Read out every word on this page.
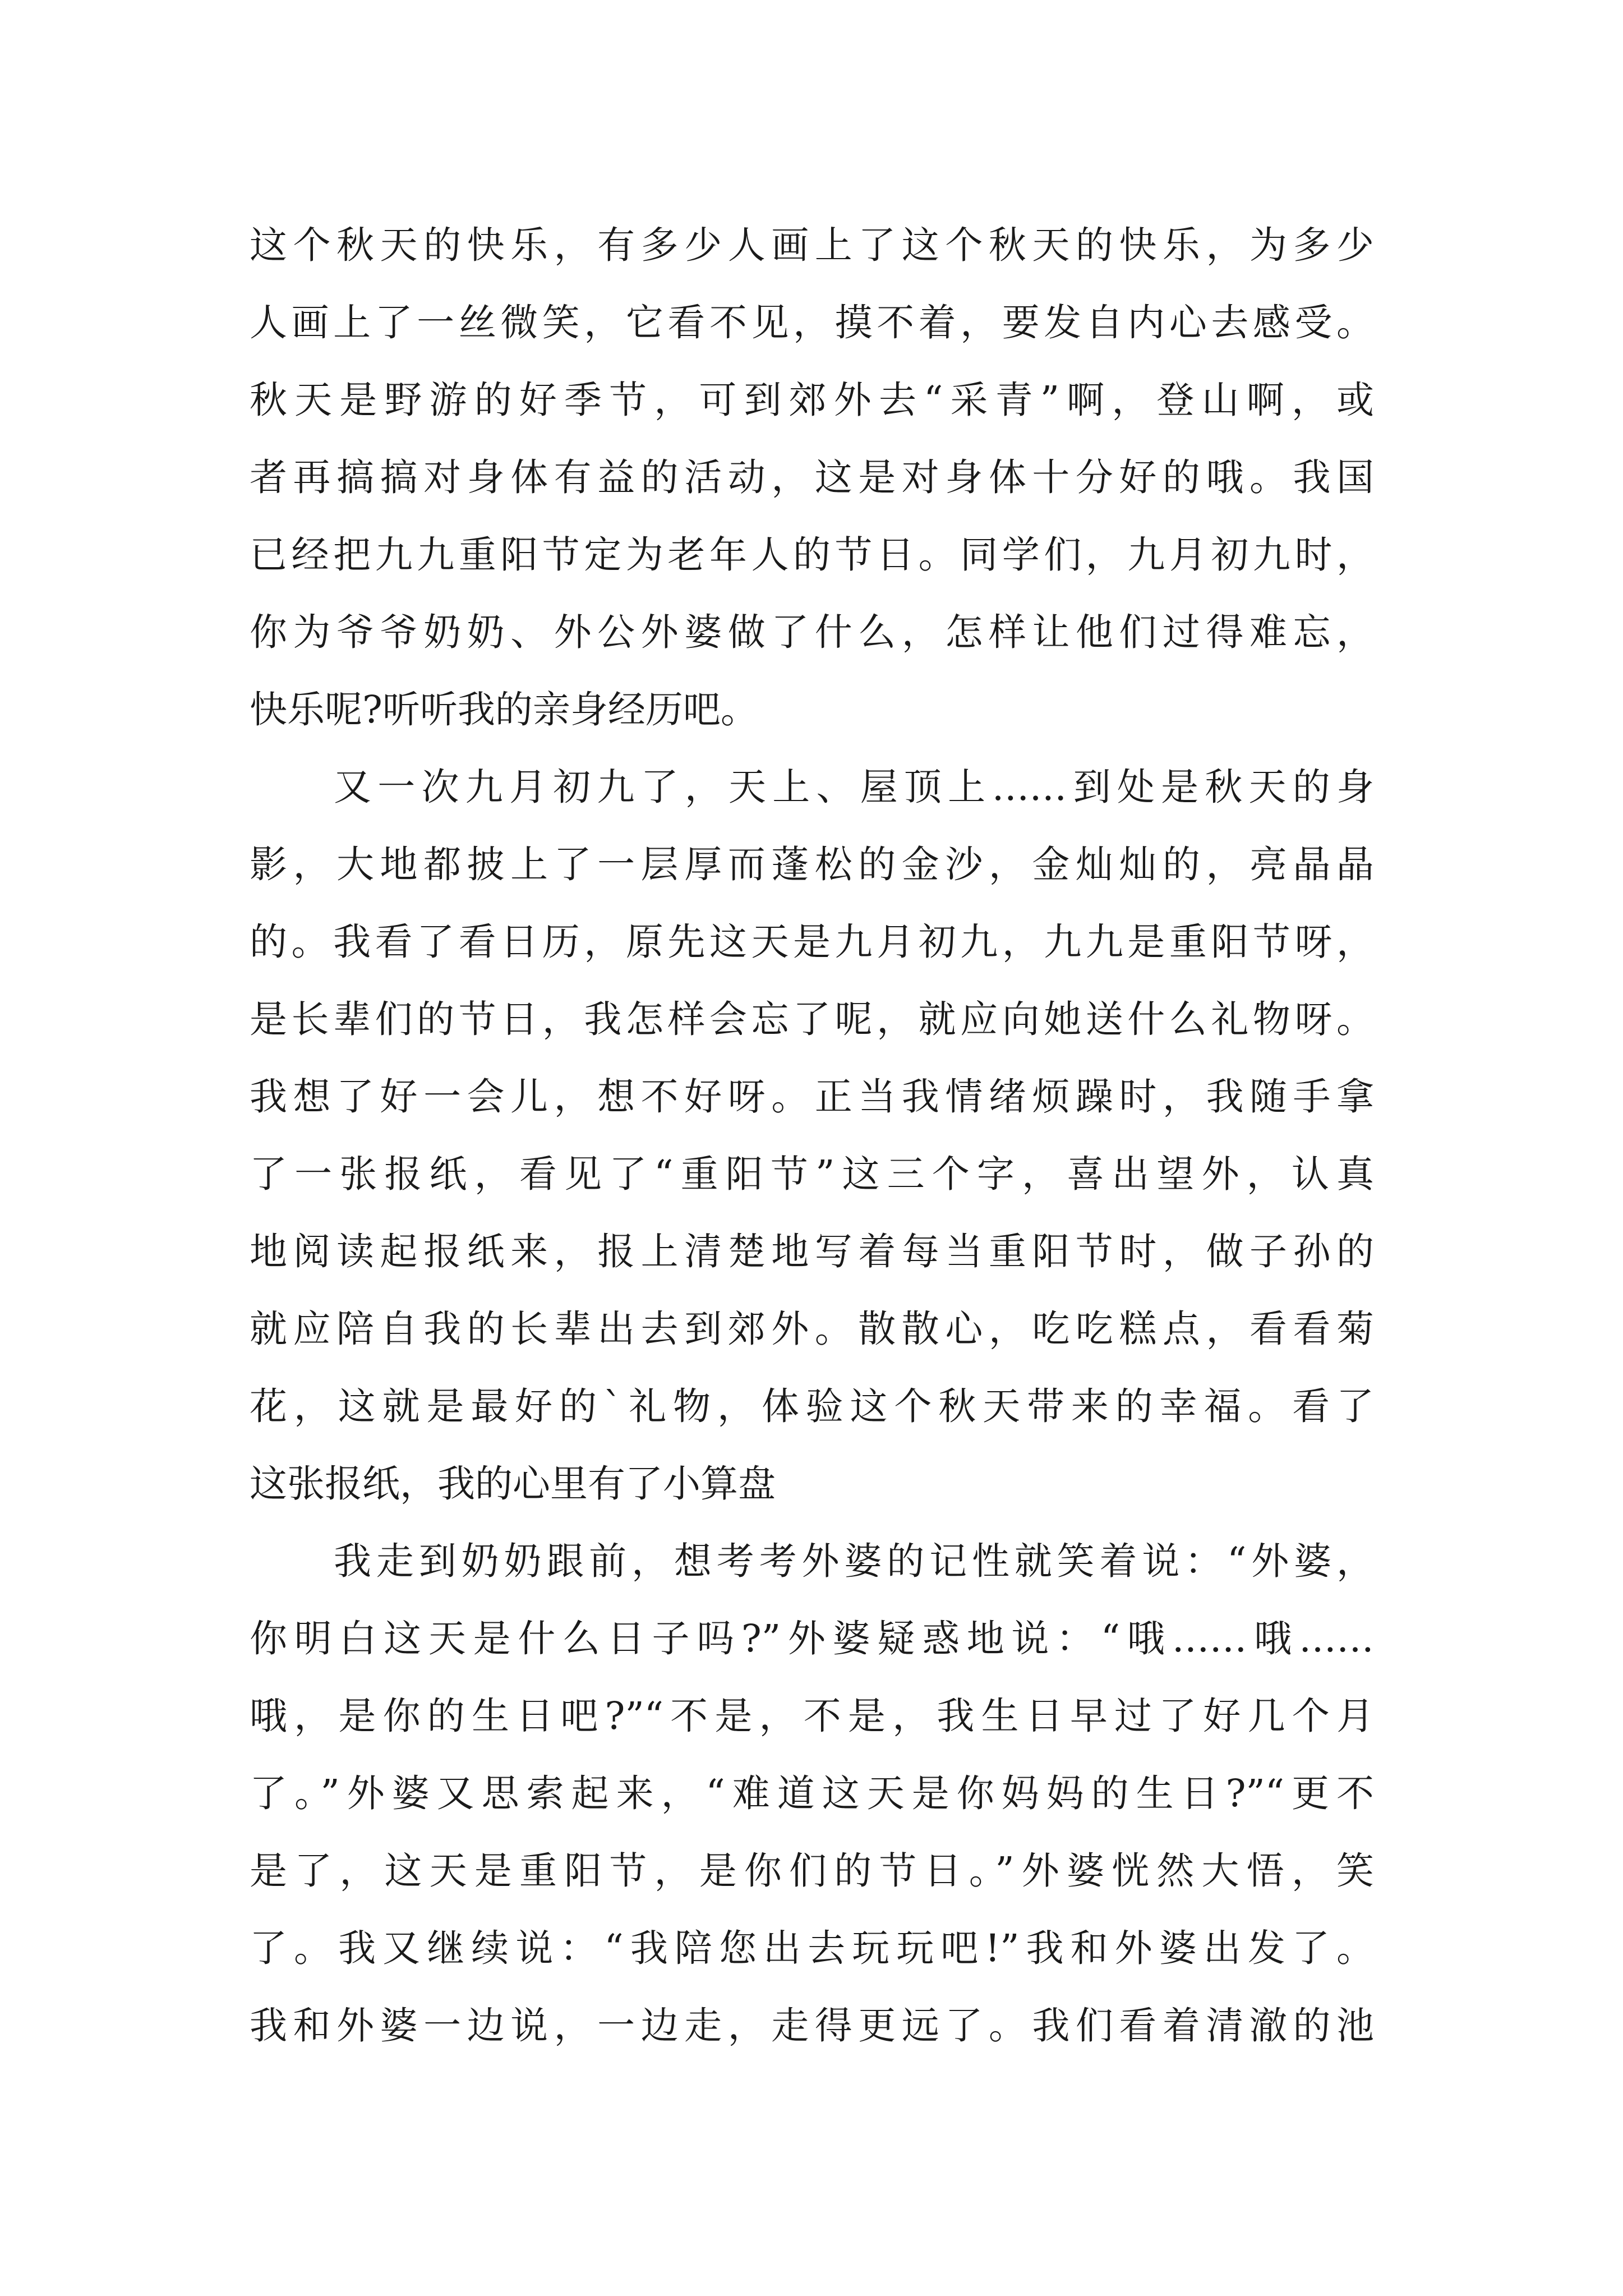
这个秋天的快乐，有多少人画上了这个秋天的快乐，为多少
人画上了一丝微笑，它看不见，摸不着，要发自内心去感受。
秋天是野游的好季节，可到郊外去“采青”啊，登山啊，或
者再搞搞对身体有益的活动，这是对身体十分好的哦。我国
已经把九九重阳节定为老年人的节日。同学们，九月初九时，
你为爷爷奶奶、外公外婆做了什么，怎样让他们过得难忘，
快乐呢?听听我的亲身经历吧。
又一次九月初九了，天上、屋顶上……到处是秋天的身
影，大地都披上了一层厚而蓬松的金沙，金灿灿的，亮晶晶
的。我看了看日历，原先这天是九月初九，九九是重阳节呀，
是长辈们的节日，我怎样会忘了呢，就应向她送什么礼物呀。
我想了好一会儿，想不好呀。正当我情绪烦躁时，我随手拿
了一张报纸，看见了“重阳节”这三个字，喜出望外，认真
地阅读起报纸来，报上清楚地写着每当重阳节时，做子孙的
就应陪自我的长辈出去到郊外。散散心，吃吃糕点，看看菊
花，这就是最好的`礼物，体验这个秋天带来的幸福。看了
这张报纸，我的心里有了小算盘
我走到奶奶跟前，想考考外婆的记性就笑着说：“外婆，
你明白这天是什么日子吗?”外婆疑惑地说：“哦……哦……
哦，是你的生日吧?”“不是，不是，我生日早过了好几个月
了。”外婆又思索起来，“难道这天是你妈妈的生日?”“更不
是了，这天是重阳节，是你们的节日。”外婆恍然大悟，笑
了。我又继续说：“我陪您出去玩玩吧!”我和外婆出发了。
我和外婆一边说，一边走，走得更远了。我们看着清澈的池
